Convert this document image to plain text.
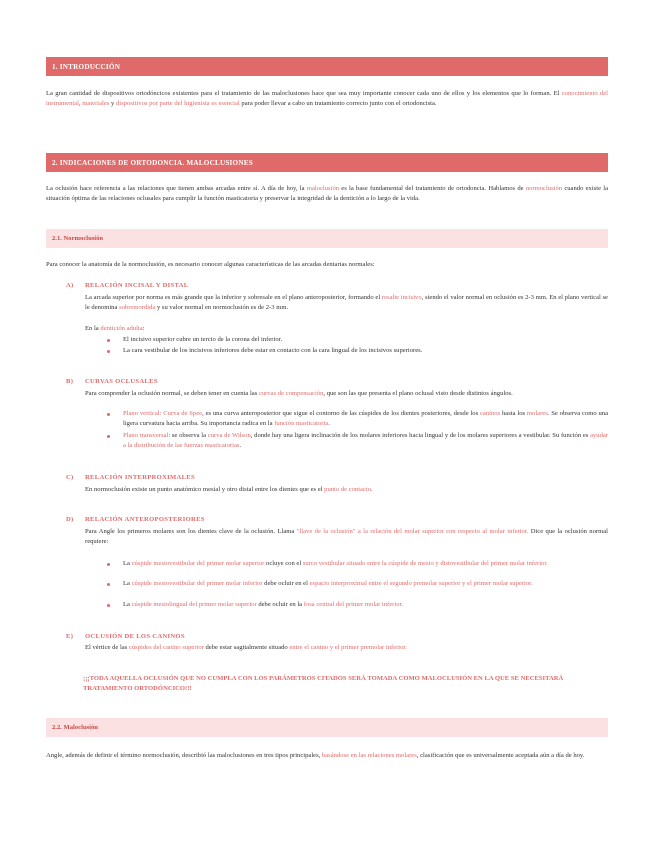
1. INTRODUCCIÓN
La gran cantidad de dispositivos ortodóncicos existentes para el tratamiento de las maloclusiones hace que sea muy importante conocer cada uno de ellos y los elementos que lo forman. El conocimiento del instrumental, materiales y dispositivos por parte del higienista es esencial para poder llevar a cabo un tratamiento correcto junto con el ortodoncista.
2. INDICACIONES DE ORTODONCIA. MALOCLUSIONES
La oclusión hace referencia a las relaciones que tienen ambas arcadas entre sí. A día de hoy, la maloclusión es la base fundamental del tratamiento de ortodoncia. Hablamos de normoclusión cuando existe la situación óptima de las relaciones oclusales para cumplir la función masticatoria y preservar la integridad de la dentición a lo largo de la vida.
2.1. Normoclusión
Para conocer la anatomía de la normoclusión, es necesario conocer algunas características de las arcadas dentarias normales:
A) RELACIÓN INCISAL Y DISTAL
La arcada superior por norma es más grande que la inferior y sobresale en el plano anteroposterior, formando el resalte incisivo, siendo el valor normal en oclusión es 2-3 mm. En el plano vertical se le denomina sobremordida y su valor normal en normoclusión es de 2-3 mm.
En la dentición adulta:
El incisivo superior cubre un tercio de la corona del inferior.
La cara vestibular de los incisivos inferiores debe estar en contacto con la cara lingual de los incisivos superiores.
B) CURVAS OCLUSALES
Para comprender la oclusión normal, se deben tener en cuenta las curvas de compensación, que son las que presenta el plano oclusal visto desde distintos ángulos.
Plano vertical: Curva de Spee, es una curva anteroposterior que sigue el contorno de las cúspides de los dientes posteriores, desde los caninos hasta los molares. Se observa como una ligera curvatura hacia arriba. Su importancia radica en la función masticatoria.
Plano transversal: se observa la curva de Wilson, donde hay una ligera inclinación de los molares inferiores hacia lingual y de los molares superiores a vestibular. Su función es ayudar a la distribución de las fuerzas masticatorias.
C) RELACIÓN INTERPROXIMALES
En normoclusión existe un punto anatómico mesial y otro distal entre los dientes que es el punto de contacto.
D) RELACIÓN ANTEROPOSTERIORES
Para Angle los primeros molares son los dientes clave de la oclusión. Llama "llave de la oclusión" a la relación del molar superior con respecto al molar inferior. Dice que la oclusión normal requiere:
La cúspide mesiovestibular del primer molar superior ocluye con el surco vestibular situado entre la cúspide de mesio y distovestibular del primer molar inferior.
La cúspide mesiovestibular del primer molar inferior debe ocluir en el espacio interproximal entre el segundo premolar superior y el primer molar superior.
La cúspide mesiolingual del primer molar superior debe ocluir en la fosa central del primer molar inferior.
E) OCLUSIÓN DE LOS CANINOS
El vértice de las cúspides del canino superior debe estar sagitalmente situado entre el canino y el primer premolar inferior.
¡¡¡TODA AQUELLA OCLUSIÓN QUE NO CUMPLA CON LOS PARÁMETROS CITADOS SERÁ TOMADA COMO MALOCLUSIÓN EN LA QUE SE NECESITARÁ TRATAMIENTO ORTODÓNCICO!!!
2.2. Maloclusión
Angle, además de definir el término normoclusión, describió las maloclusiones en tres tipos principales, basándose en las relaciones molares, clasificación que es universalmente aceptada aún a día de hoy.
